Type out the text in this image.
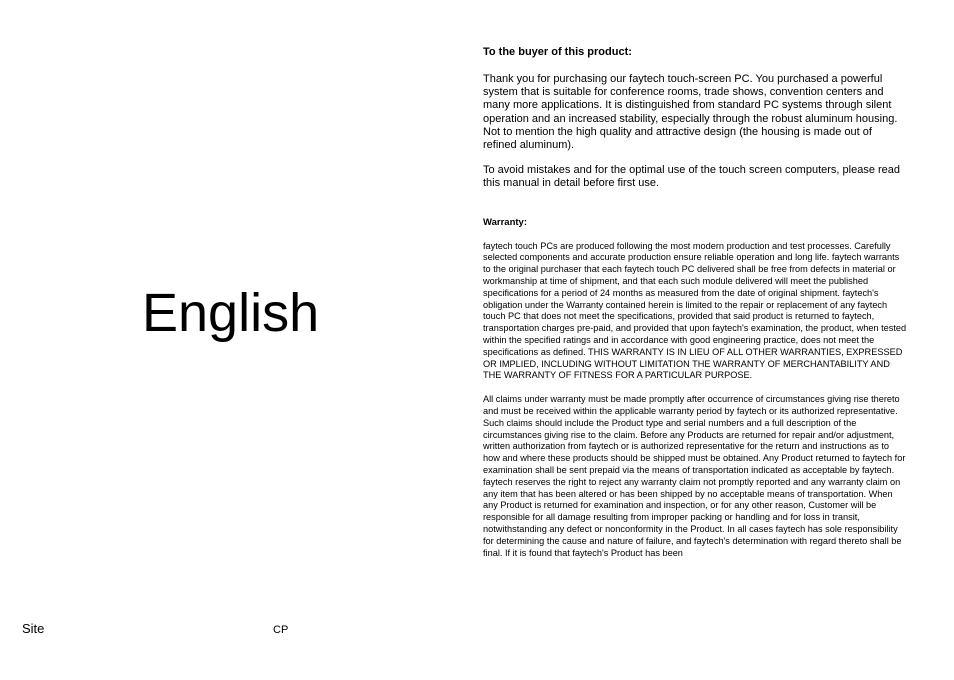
English
Site	CP
To the buyer of this product:

Thank you for purchasing our faytech touch-screen PC. You purchased a powerful system that is suitable for conference rooms, trade shows, convention centers and many more applications. It is distinguished from standard PC systems through silent operation and an increased stability, especially through the robust aluminum housing. Not to mention the high quality and attractive design (the housing is made out of refined aluminum).

To avoid mistakes and for the optimal use of the touch screen computers, please read this manual in detail before first use.

Warranty:

faytech touch PCs are produced following the most modern production and test processes. Carefully selected components and accurate production ensure reliable operation and long life. faytech warrants to the original purchaser that each faytech touch PC delivered shall be free from defects in material or workmanship at time of shipment, and that each such module delivered will meet the published specifications for a period of 24 months as measured from the date of original shipment. faytech's obligation under the Warranty contained herein is limited to the repair or replacement of any faytech touch PC that does not meet the specifications, provided that said product is returned to faytech, transportation charges pre-paid, and provided that upon faytech's examination, the product, when tested within the specified ratings and in accordance with good engineering practice, does not meet the specifications as defined. THIS WARRANTY IS IN LIEU OF ALL OTHER WARRANTIES, EXPRESSED OR IMPLIED, INCLUDING WITHOUT LIMITATION THE WARRANTY OF MERCHANTABILITY AND THE WARRANTY OF FITNESS FOR A PARTICULAR PURPOSE.

All claims under warranty must be made promptly after occurrence of circumstances giving rise thereto and must be received within the applicable warranty period by faytech or its authorized representative. Such claims should include the Product type and serial numbers and a full description of the circumstances giving rise to the claim. Before any Products are returned for repair and/or adjustment, written authorization from faytech or is authorized representative for the return and instructions as to how and where these products should be shipped must be obtained. Any Product returned to faytech for examination shall be sent prepaid via the means of transportation indicated as acceptable by faytech. faytech reserves the right to reject any warranty claim not promptly reported and any warranty claim on any item that has been altered or has been shipped by no acceptable means of transportation. When any Product is returned for examination and inspection, or for any other reason, Customer will be responsible for all damage resulting from improper packing or handling and for loss in transit, notwithstanding any defect or nonconformity in the Product. In all cases faytech has sole responsibility for determining the cause and nature of failure, and faytech's determination with regard thereto shall be final. If it is found that faytech's Product has been
